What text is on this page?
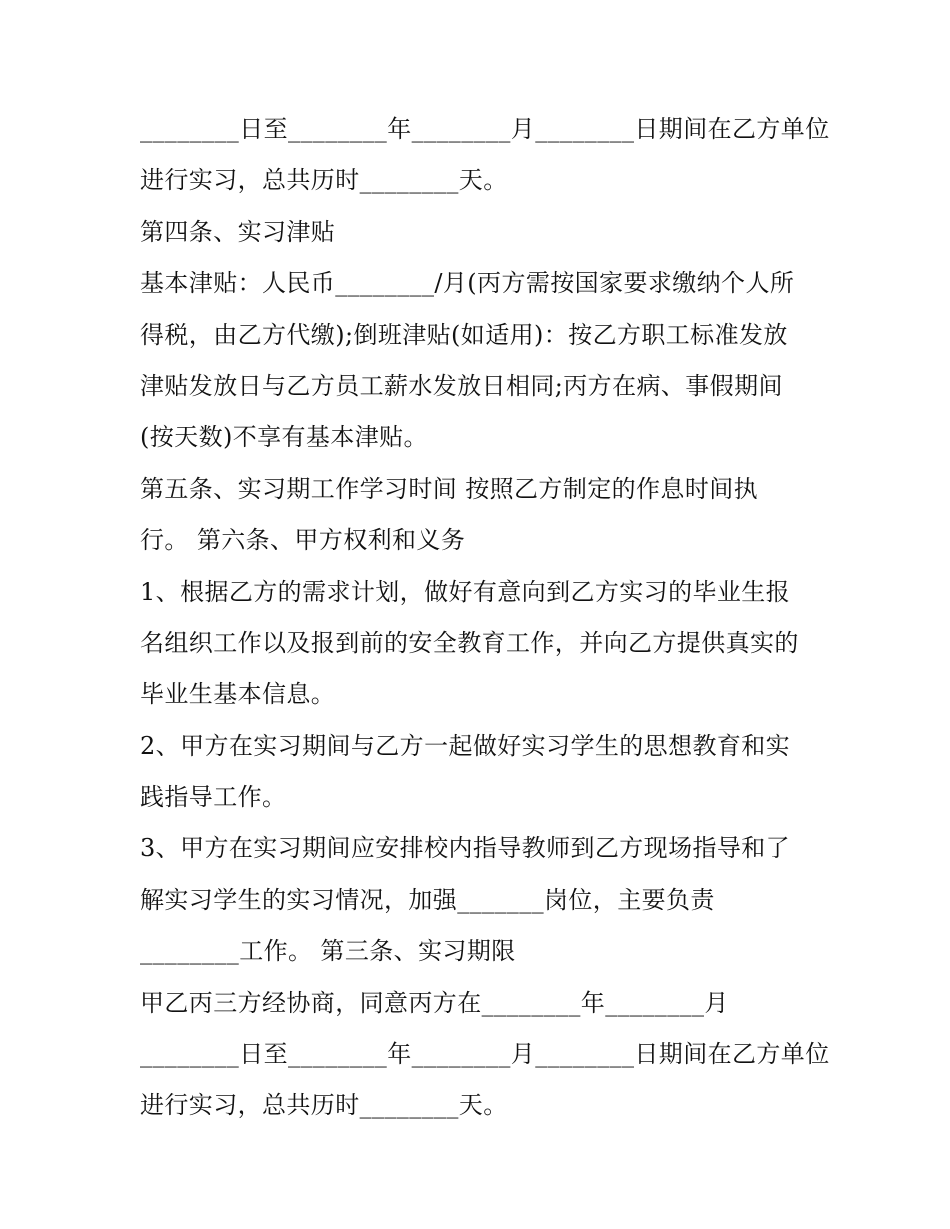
________日至________年________月________日期间在乙方单位
进行实习，总共历时________天。
第四条、实习津贴
基本津贴：人民币________/月(丙方需按国家要求缴纳个人所
得税，由乙方代缴);倒班津贴(如适用)：按乙方职工标准发放
津贴发放日与乙方员工薪水发放日相同;丙方在病、事假期间
(按天数)不享有基本津贴。
第五条、实习期工作学习时间 按照乙方制定的作息时间执
行。 第六条、甲方权利和义务
1、根据乙方的需求计划，做好有意向到乙方实习的毕业生报
名组织工作以及报到前的安全教育工作，并向乙方提供真实的
毕业生基本信息。
2、甲方在实习期间与乙方一起做好实习学生的思想教育和实
践指导工作。
3、甲方在实习期间应安排校内指导教师到乙方现场指导和了
解实习学生的实习情况，加强_______岗位，主要负责
________工作。 第三条、实习期限
甲乙丙三方经协商，同意丙方在________年________月
________日至________年________月________日期间在乙方单位
进行实习，总共历时________天。
